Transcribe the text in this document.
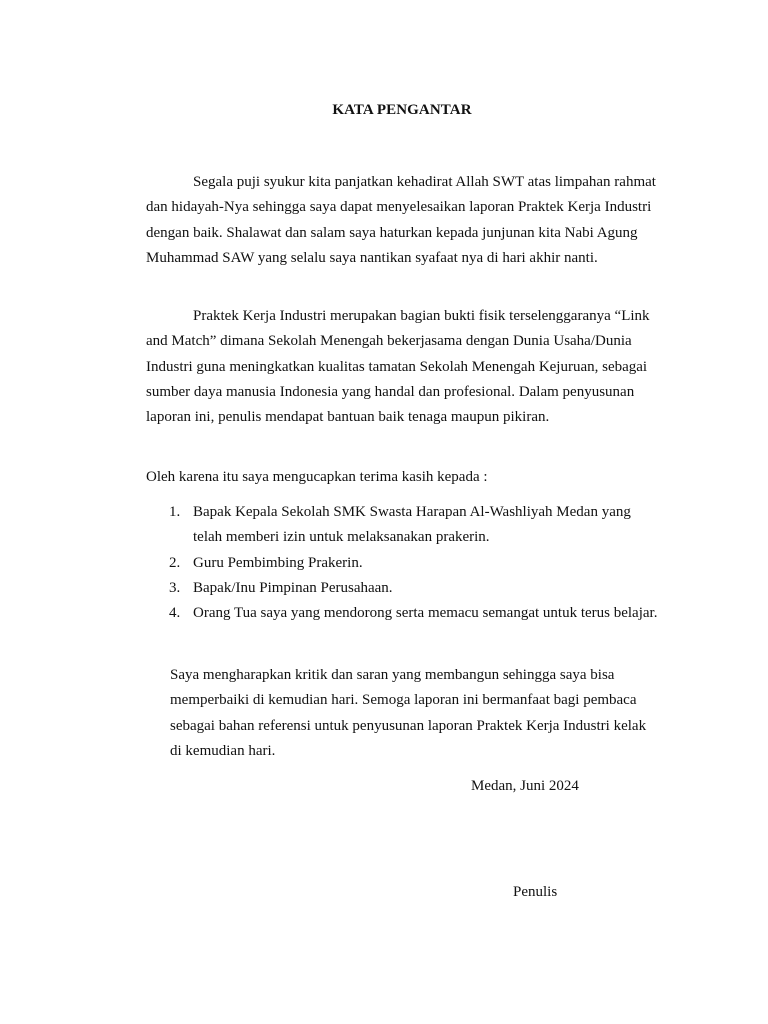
KATA PENGANTAR
Segala puji syukur kita panjatkan kehadirat Allah SWT atas limpahan rahmat dan hidayah-Nya sehingga saya dapat menyelesaikan laporan Praktek Kerja Industri dengan baik. Shalawat dan salam saya haturkan kepada junjunan kita Nabi Agung Muhammad SAW yang selalu saya nantikan syafaat nya di hari akhir nanti.
Praktek Kerja Industri merupakan bagian bukti fisik terselenggaranya “Link and Match” dimana Sekolah Menengah bekerjasama dengan Dunia Usaha/Dunia Industri guna meningkatkan kualitas tamatan Sekolah Menengah Kejuruan, sebagai sumber daya manusia Indonesia yang handal dan profesional. Dalam penyusunan laporan ini, penulis mendapat bantuan baik tenaga maupun pikiran.
Oleh karena itu saya mengucapkan terima kasih kepada :
1. Bapak Kepala Sekolah SMK Swasta Harapan Al-Washliyah Medan yang telah memberi izin untuk melaksanakan prakerin.
2. Guru Pembimbing Prakerin.
3. Bapak/Inu Pimpinan Perusahaan.
4. Orang Tua saya yang mendorong serta memacu semangat untuk terus belajar.
Saya mengharapkan kritik dan saran yang membangun sehingga saya bisa memperbaiki di kemudian hari. Semoga laporan ini bermanfaat bagi pembaca sebagai bahan referensi untuk penyusunan laporan Praktek Kerja Industri kelak di kemudian hari.
Medan, Juni 2024
Penulis
